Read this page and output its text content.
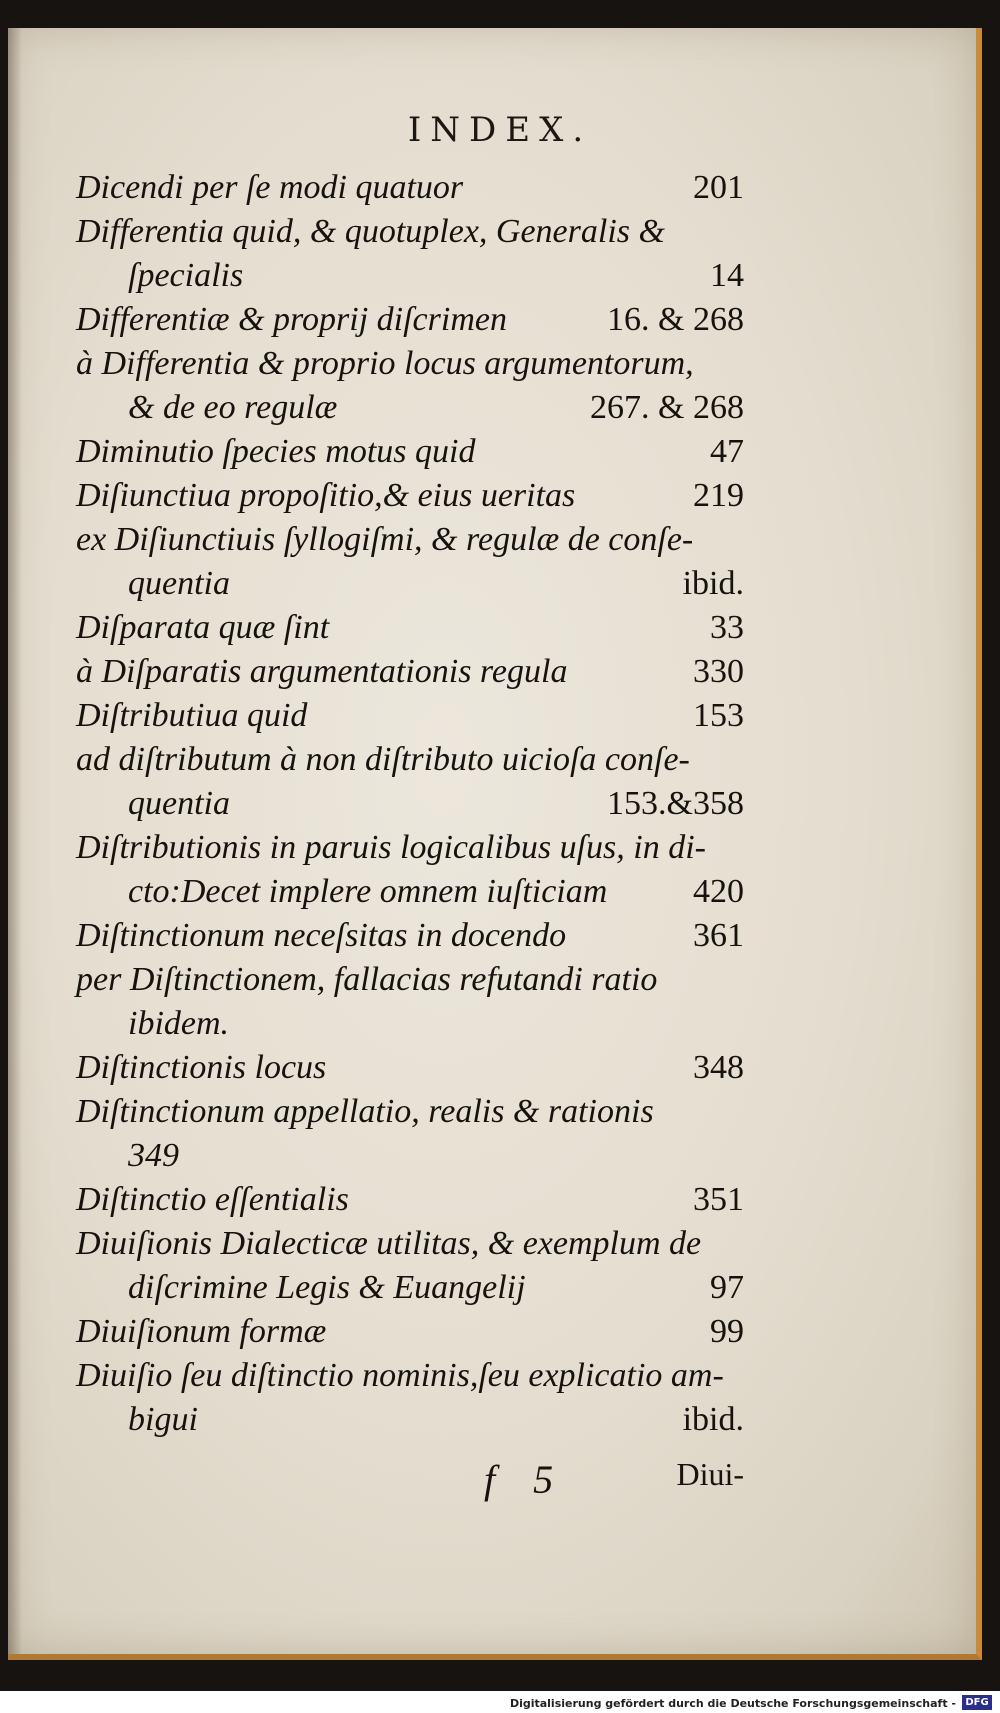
INDEX.
Dicendi per ſe modi quatuor	201
Differentia quid, & quotuplex, Generalis &
ſpecialis	14
Differentiæ & proprij diſcrimen	16. & 268
à Differentia & proprio locus argumentorum,
& de eo regulæ	267. & 268
Diminutio ſpecies motus quid	47
Diſiunctiua propoſitio,& eius ueritas	219
ex Diſiunctiuis ſyllogiſmi, & regulæ de conſe-
quentia	ibid.
Diſparata quæ ſint	33
à Diſparatis argumentationis regula	330
Diſtributiua quid	153
ad diſtributum à non diſtributo uicioſa conſe-
quentia	153.&358
Diſtributionis in paruis logicalibus uſus, in di-
cto:Decet implere omnem iuſticiam	420
Diſtinctionum neceſsitas in docendo	361
per Diſtinctionem, fallacias refutandi ratio
ibidem.
Diſtinctionis locus	348
Diſtinctionum appellatio, realis & rationis
349
Diſtinctio eſſentialis	351
Diuiſionis Dialecticæ utilitas, & exemplum de
diſcrimine Legis & Euangelij	97
Diuiſionum formæ	99
Diuiſio ſeu diſtinctio nominis,ſeu explicatio am-
bigui	ibid.
f 5	Diui-
Digitalisierung gefördert durch die Deutsche Forschungsgemeinschaft - DFG
